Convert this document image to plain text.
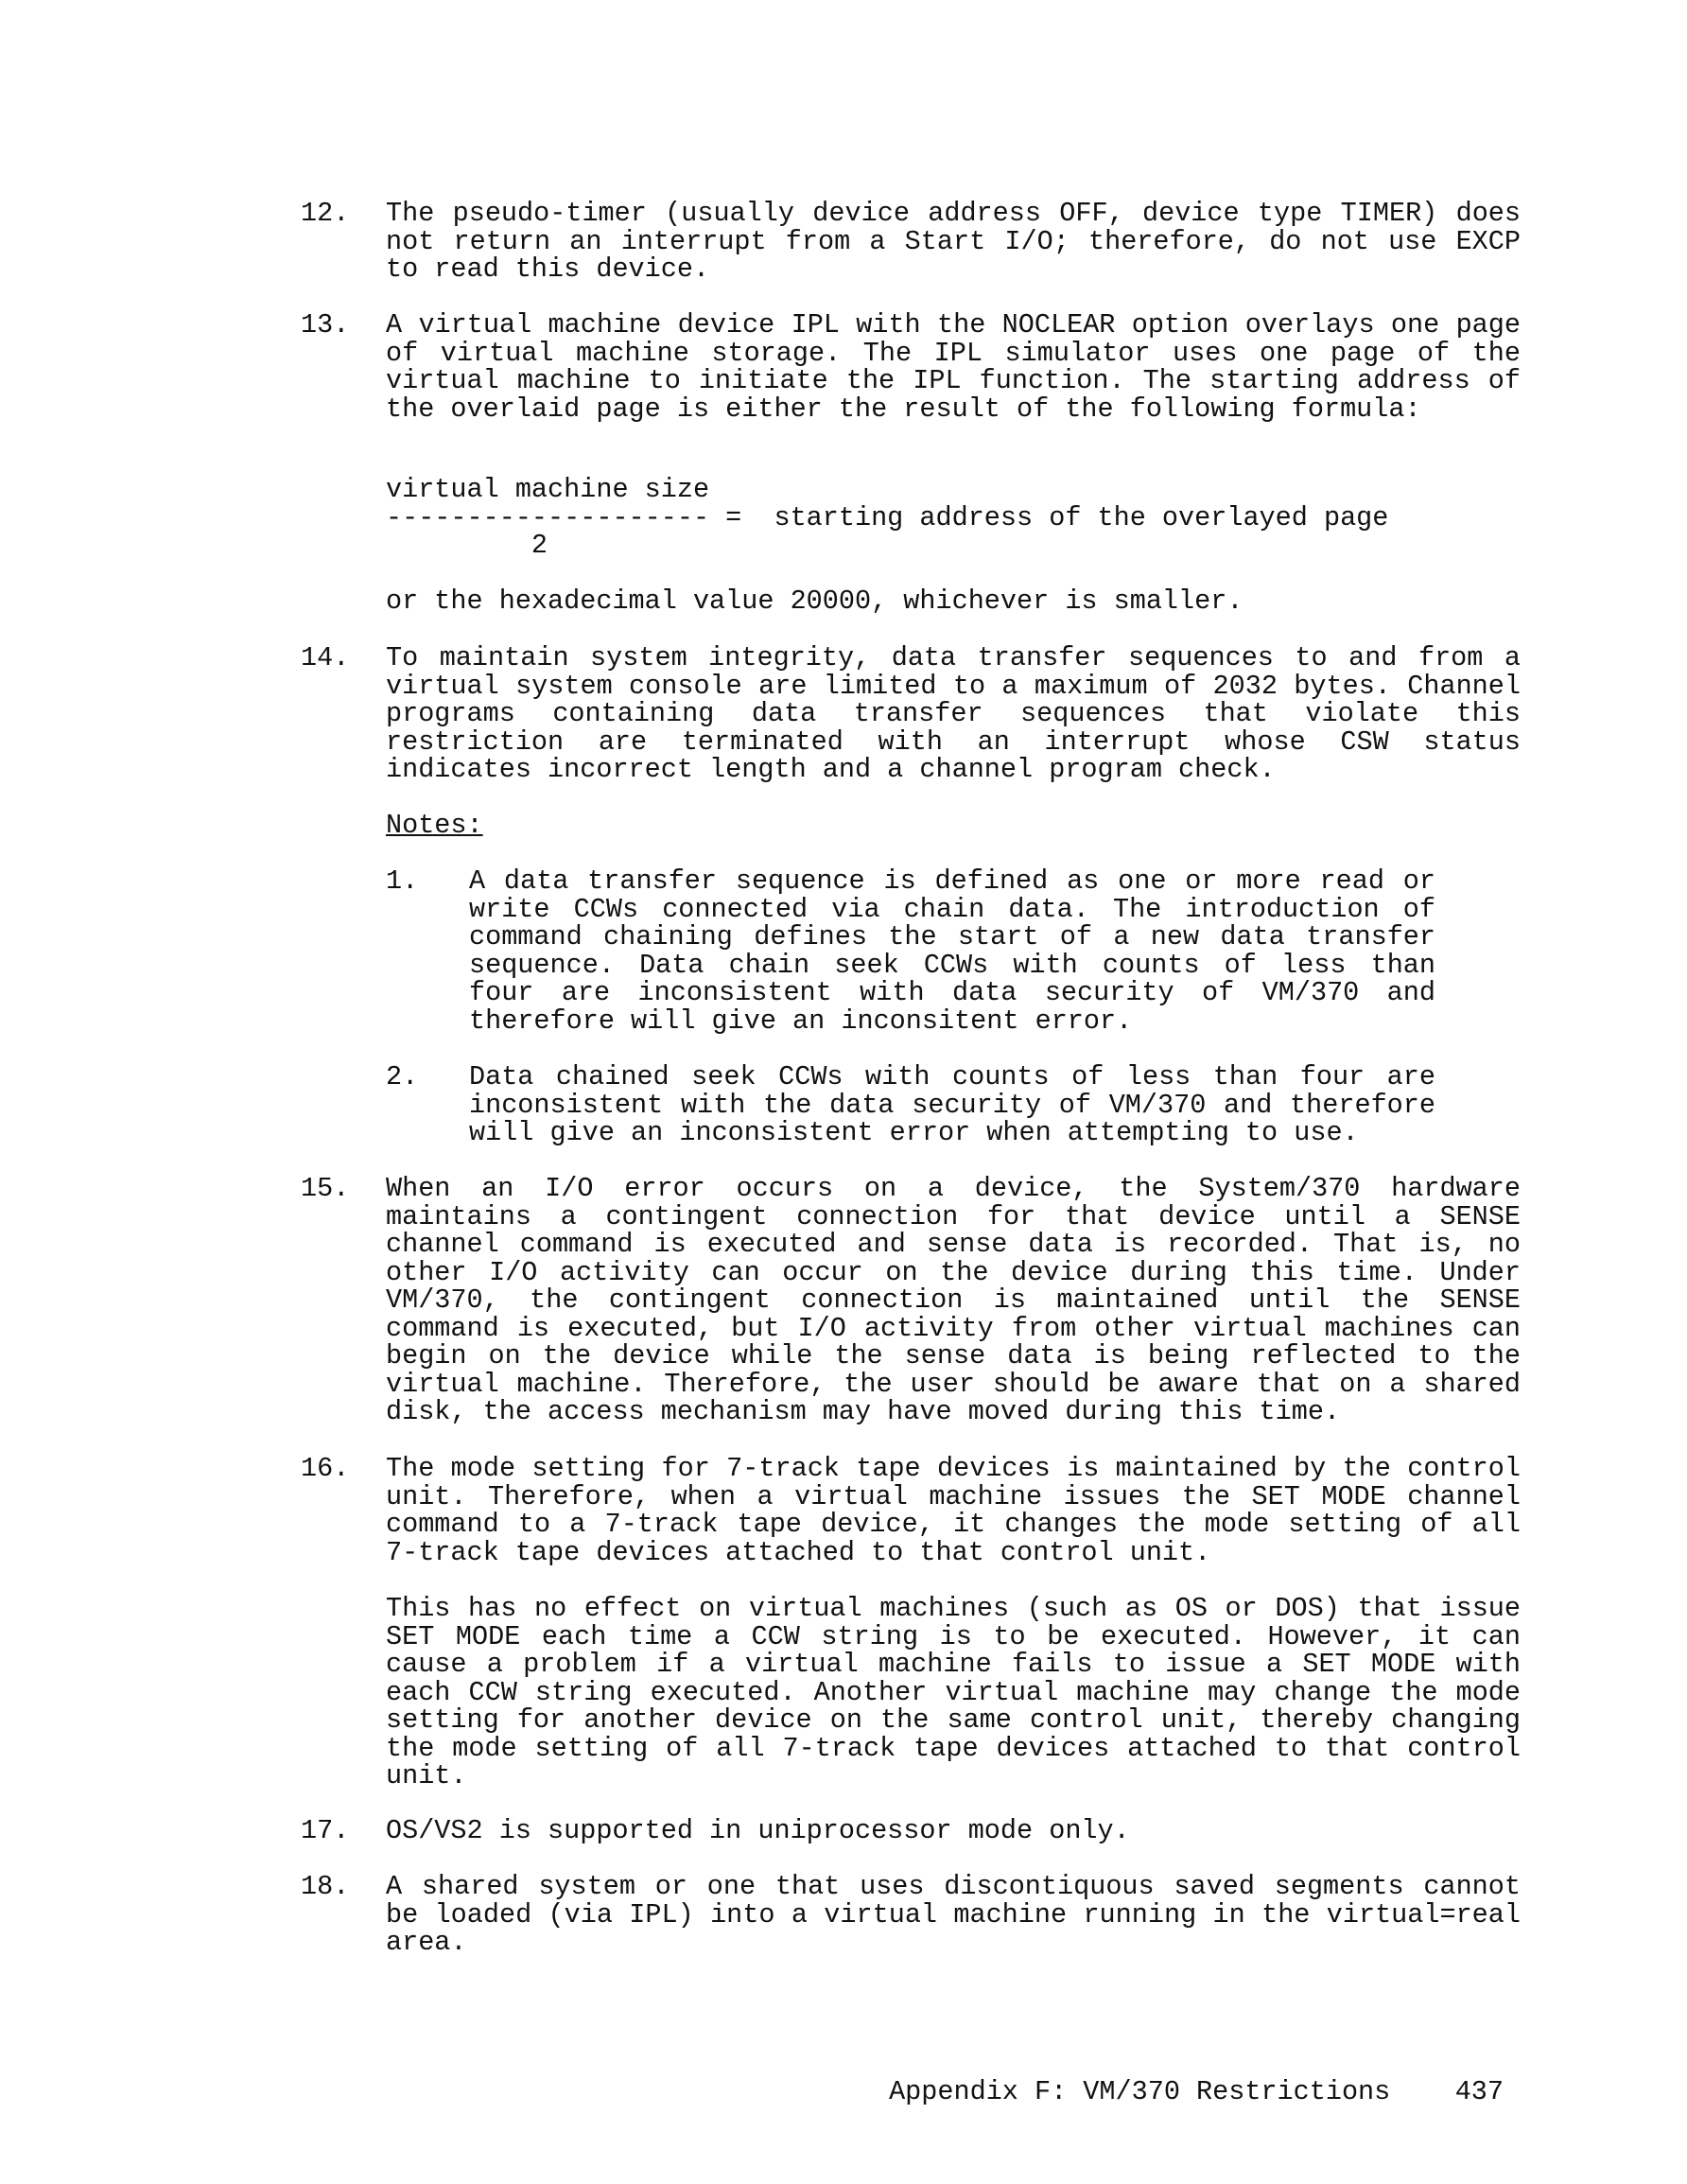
12.	The pseudo-timer (usually device address OFF, device type TIMER) does not return an interrupt from a Start I/O; therefore, do not use EXCP to read this device.

13.	A virtual machine device IPL with the NOCLEAR option overlays one page of virtual machine storage. The IPL simulator uses one page of the virtual machine to initiate the IPL function. The starting address of the overlaid page is either the result of the following formula:

virtual machine size
-------------------- =  starting address of the overlayed page
2

or the hexadecimal value 20000, whichever is smaller.

14.	To maintain system integrity, data transfer sequences to and from a virtual system console are limited to a maximum of 2032 bytes. Channel programs containing data transfer sequences that violate this restriction are terminated with an interrupt whose CSW status indicates incorrect length and a channel program check.

Notes:
1. A data transfer sequence is defined as one or more read or write CCWs connected via chain data. The introduction of command chaining defines the start of a new data transfer sequence. Data chain seek CCWs with counts of less than four are inconsistent with data security of VM/370 and therefore will give an inconsitent error.
2. Data chained seek CCWs with counts of less than four are inconsistent with the data security of VM/370 and therefore will give an inconsistent error when attempting to use.
15.	When an I/O error occurs on a device, the System/370 hardware maintains a contingent connection for that device until a SENSE channel command is executed and sense data is recorded. That is, no other I/O activity can occur on the device during this time. Under VM/370, the contingent connection is maintained until the SENSE command is executed, but I/O activity from other virtual machines can begin on the device while the sense data is being reflected to the virtual machine. Therefore, the user should be aware that on a shared disk, the access mechanism may have moved during this time.

16.	The mode setting for 7-track tape devices is maintained by the control unit. Therefore, when a virtual machine issues the SET MODE channel command to a 7-track tape device, it changes the mode setting of all 7-track tape devices attached to that control unit.

This has no effect on virtual machines (such as OS or DOS) that issue SET MODE each time a CCW string is to be executed. However, it can cause a problem if a virtual machine fails to issue a SET MODE with each CCW string executed. Another virtual machine may change the mode setting for another device on the same control unit, thereby changing the mode setting of all 7-track tape devices attached to that control unit.

17.	OS/VS2 is supported in uniprocessor mode only.

18.	A shared system or one that uses discontiquous saved segments cannot be loaded (via IPL) into a virtual machine running in the virtual=real area.

Appendix F: VM/370 Restrictions 437
